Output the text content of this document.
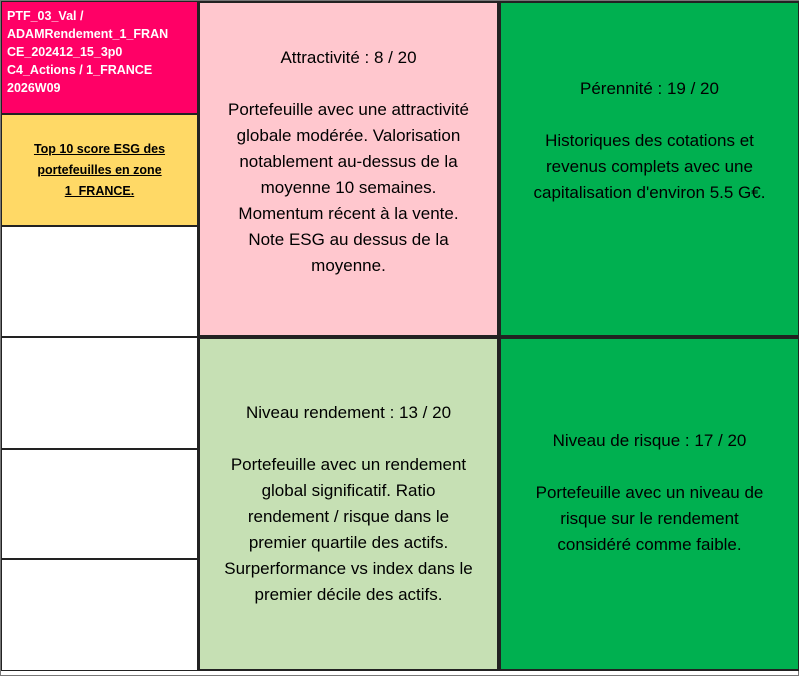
PTF_03_Val /
ADAMRendement_1_FRAN
CE_202412_15_3p0
C4_Actions / 1_FRANCE
2026W09
Top 10 score ESG des
portefeuilles en zone
1_FRANCE.
Attractivité : 8 / 20
Portefeuille avec une attractivité
globale modérée. Valorisation
notablement au-dessus de la
moyenne 10 semaines.
Momentum récent à la vente.
Note ESG au dessus de la
moyenne.
Pérennité : 19 / 20
Historiques des cotations et
revenus complets avec une
capitalisation d'environ 5.5 G€.
Niveau rendement : 13 / 20
Portefeuille avec un rendement
global significatif. Ratio
rendement / risque dans le
premier quartile des actifs.
Surperformance vs index dans le
premier décile des actifs.
Niveau de risque : 17 / 20
Portefeuille avec un niveau de
risque sur le rendement
considéré comme faible.
